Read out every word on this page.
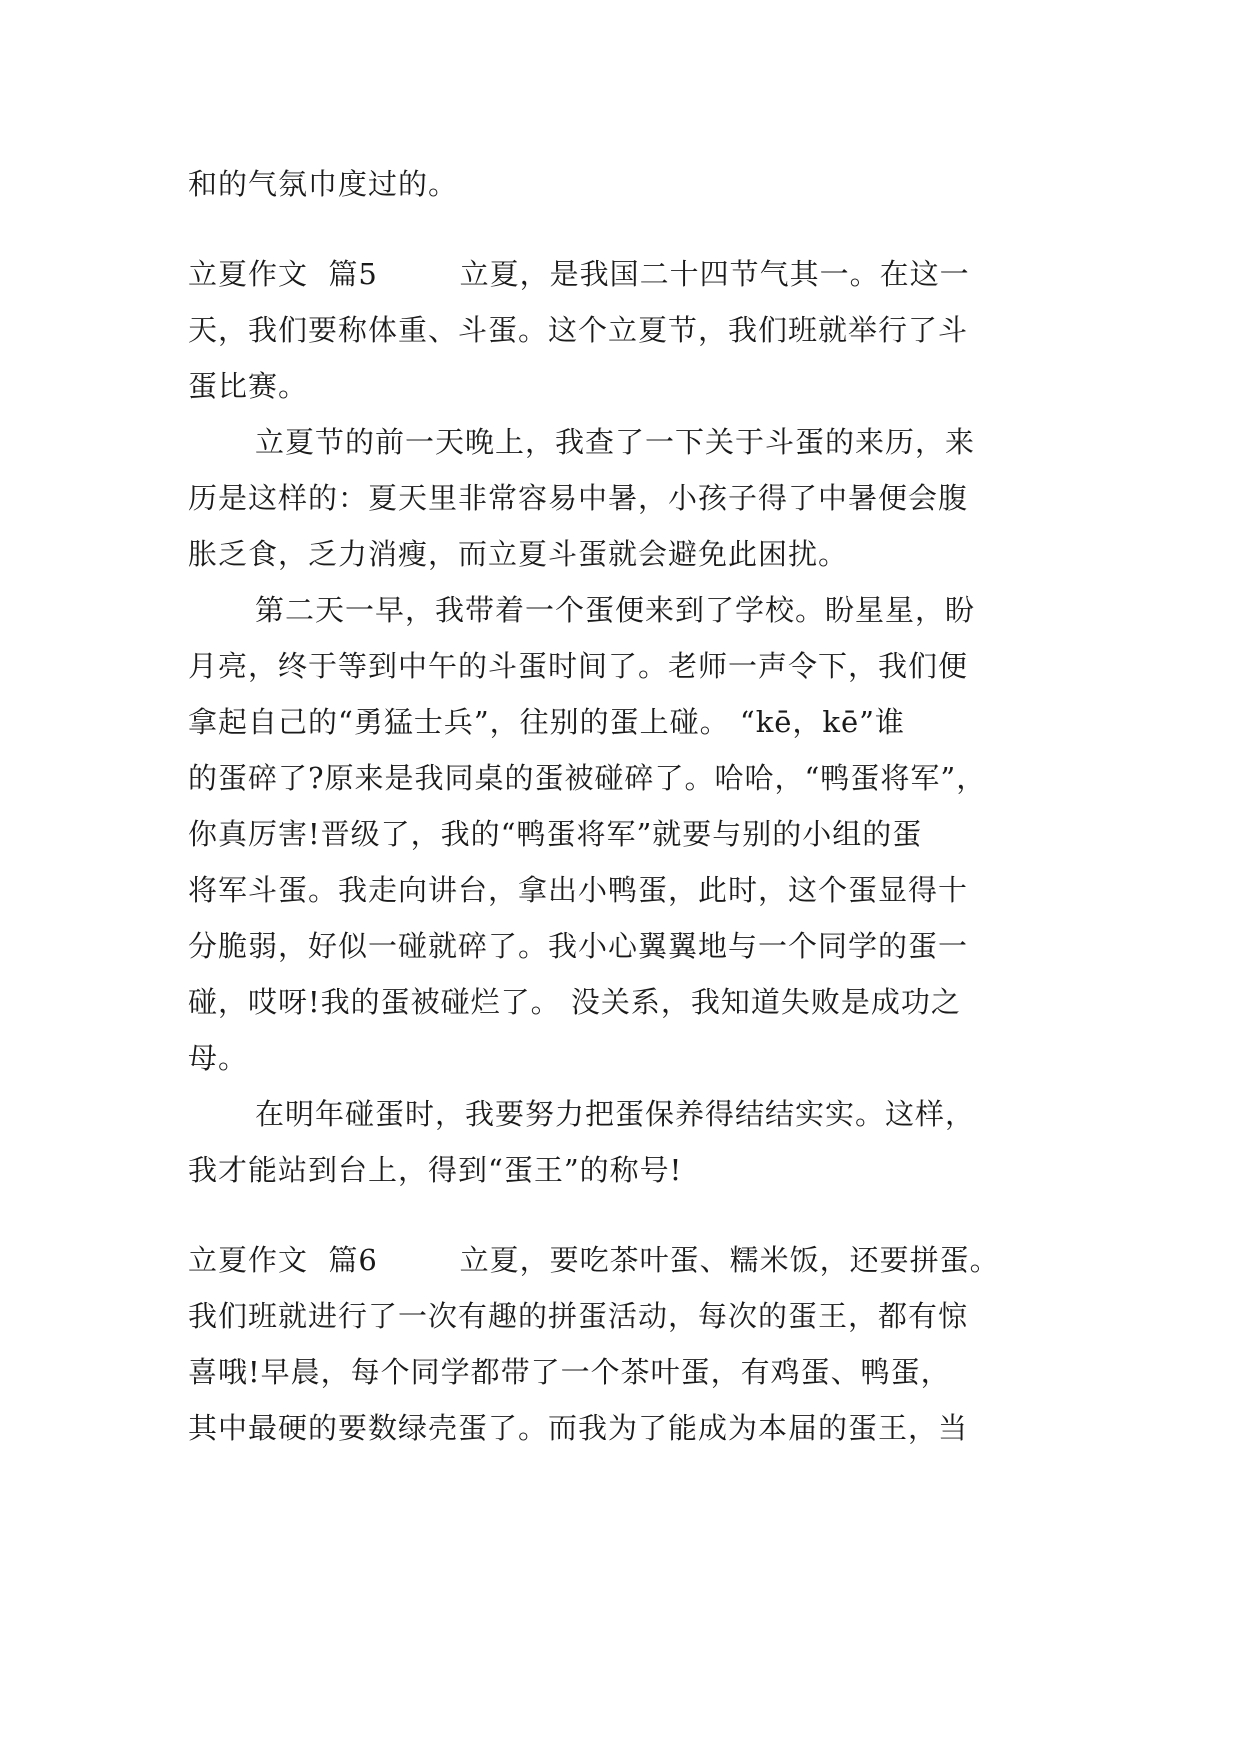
和的气氛巾度过的。
立夏作文  篇5        立夏，是我国二十四节气其一。在这一
天，我们要称体重、斗蛋。这个立夏节，我们班就举行了斗
蛋比赛。
立夏节的前一天晚上，我查了一下关于斗蛋的来历，来
历是这样的：夏天里非常容易中暑，小孩子得了中暑便会腹
胀乏食，乏力消瘦，而立夏斗蛋就会避免此困扰。
第二天一早，我带着一个蛋便来到了学校。盼星星，盼
月亮，终于等到中午的斗蛋时间了。老师一声令下，我们便
拿起自己的“勇猛士兵”，往别的蛋上碰。 “kē，kē”谁
的蛋碎了?原来是我同桌的蛋被碰碎了。哈哈，“鸭蛋将军”，
你真厉害!晋级了，我的“鸭蛋将军”就要与别的小组的蛋
将军斗蛋。我走向讲台，拿出小鸭蛋，此时，这个蛋显得十
分脆弱，好似一碰就碎了。我小心翼翼地与一个同学的蛋一
碰，哎呀!我的蛋被碰烂了。 没关系，我知道失败是成功之
母。
在明年碰蛋时，我要努力把蛋保养得结结实实。这样，
我才能站到台上，得到“蛋王”的称号!
立夏作文  篇6        立夏，要吃茶叶蛋、糯米饭，还要拼蛋。
我们班就进行了一次有趣的拼蛋活动，每次的蛋王，都有惊
喜哦!早晨，每个同学都带了一个茶叶蛋，有鸡蛋、鸭蛋，
其中最硬的要数绿壳蛋了。而我为了能成为本届的蛋王，当
